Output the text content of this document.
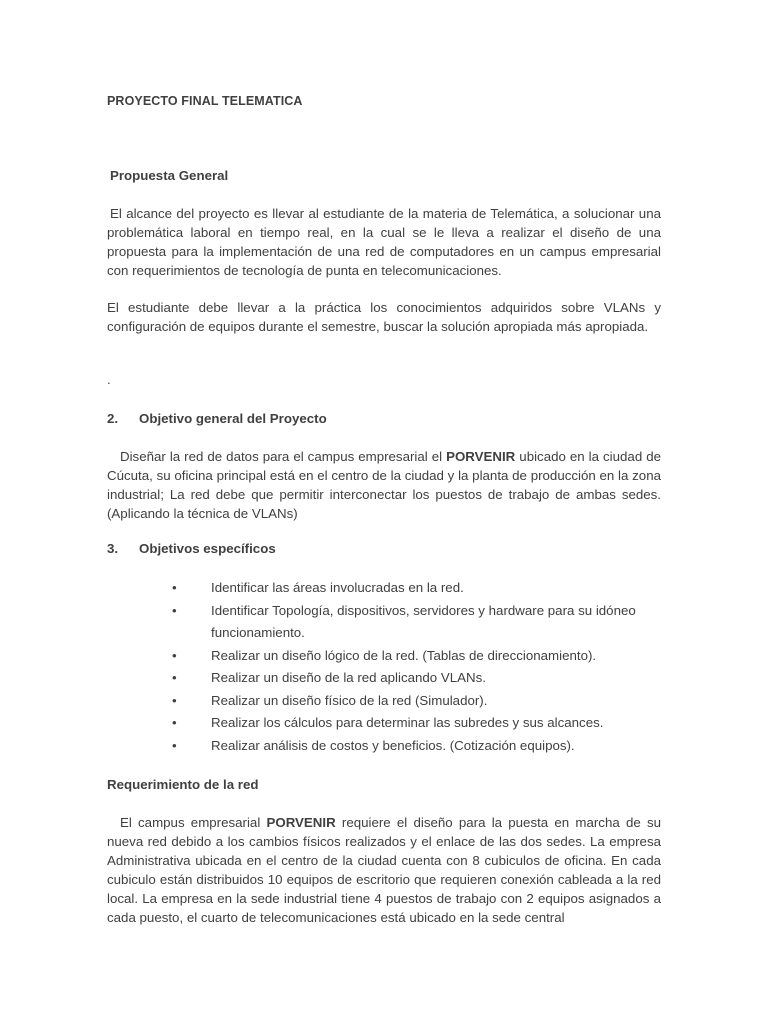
PROYECTO FINAL TELEMATICA
Propuesta General

El alcance del proyecto es llevar al estudiante de la materia de Telemática, a solucionar una problemática laboral en tiempo real, en la cual se le lleva a realizar el diseño de una propuesta para la implementación de una red de computadores en un campus empresarial con requerimientos de tecnología de punta en telecomunicaciones.

El estudiante debe llevar a la práctica los conocimientos adquiridos sobre VLANs y configuración de equipos durante el semestre, buscar la solución apropiada más apropiada.

.
2. Objetivo general del Proyecto

Diseñar la red de datos para el campus empresarial el PORVENIR ubicado en la ciudad de Cúcuta, su oficina principal está en el centro de la ciudad y la planta de producción en la zona industrial; La red debe que permitir interconectar los puestos de trabajo de ambas sedes. (Aplicando la técnica de VLANs)

3. Objetivos específicos
•	Identificar las áreas involucradas en la red.
•	Identificar Topología, dispositivos, servidores y hardware para su idóneo funcionamiento.
•	Realizar un diseño lógico de la red. (Tablas de direccionamiento).
•	Realizar un diseño de la red aplicando VLANs.
•	Realizar un diseño físico de la red (Simulador).
•	Realizar los cálculos para determinar las subredes y sus alcances.
•	Realizar análisis de costos y beneficios. (Cotización equipos).
Requerimiento de la red

El campus empresarial PORVENIR requiere el diseño para la puesta en marcha de su nueva red debido a los cambios físicos realizados y el enlace de las dos sedes. La empresa Administrativa ubicada en el centro de la ciudad cuenta con 8 cubiculos de oficina. En cada cubiculo están distribuidos 10 equipos de escritorio que requieren conexión cableada a la red local. La empresa en la sede industrial tiene 4 puestos de trabajo con 2 equipos asignados a cada puesto, el cuarto de telecomunicaciones está ubicado en la sede central
